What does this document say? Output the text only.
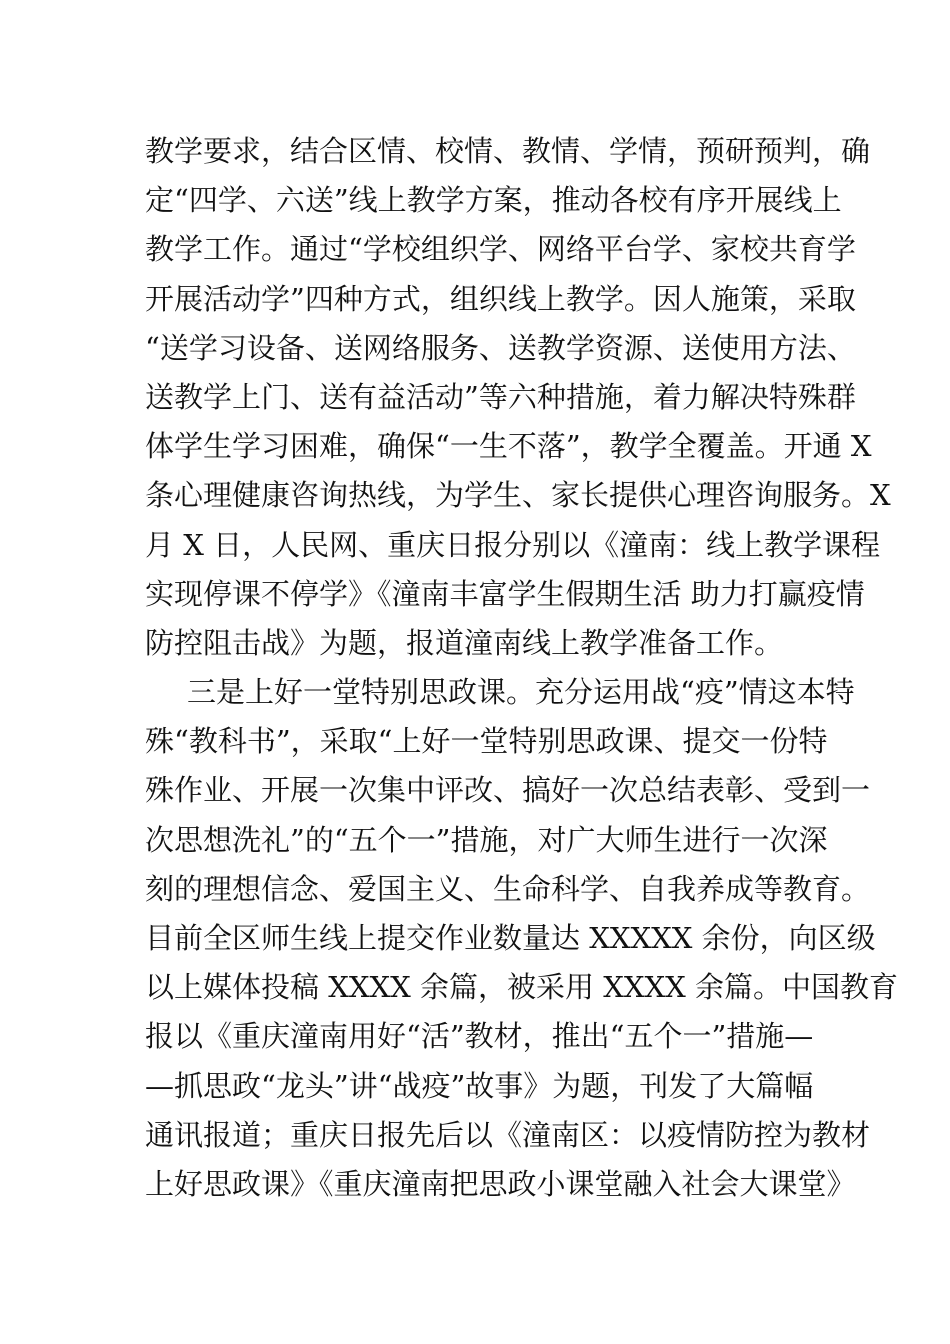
教学要求，结合区情、校情、教情、学情，预研预判，确
定“四学、六送”线上教学方案，推动各校有序开展线上
教学工作。通过“学校组织学、网络平台学、家校共育学
开展活动学”四种方式，组织线上教学。因人施策，采取
“送学习设备、送网络服务、送教学资源、送使用方法、
送教学上门、送有益活动”等六种措施，着力解决特殊群
体学生学习困难，确保“一生不落”，教学全覆盖。开通 X
条心理健康咨询热线，为学生、家长提供心理咨询服务。X
月 X 日，人民网、重庆日报分别以《潼南：线上教学课程
实现停课不停学》《潼南丰富学生假期生活 助力打赢疫情
防控阻击战》为题，报道潼南线上教学准备工作。
三是上好一堂特别思政课。充分运用战“疫”情这本特
殊“教科书”，采取“上好一堂特别思政课、提交一份特
殊作业、开展一次集中评改、搞好一次总结表彰、受到一
次思想洗礼”的“五个一”措施，对广大师生进行一次深
刻的理想信念、爱国主义、生命科学、自我养成等教育。
目前全区师生线上提交作业数量达 XXXXX 余份，向区级
以上媒体投稿 XXXX 余篇，被采用 XXXX 余篇。中国教育
报以《重庆潼南用好“活”教材，推出“五个一”措施—
—抓思政“龙头”讲“战疫”故事》为题，刊发了大篇幅
通讯报道；重庆日报先后以《潼南区：以疫情防控为教材
上好思政课》《重庆潼南把思政小课堂融入社会大课堂》
